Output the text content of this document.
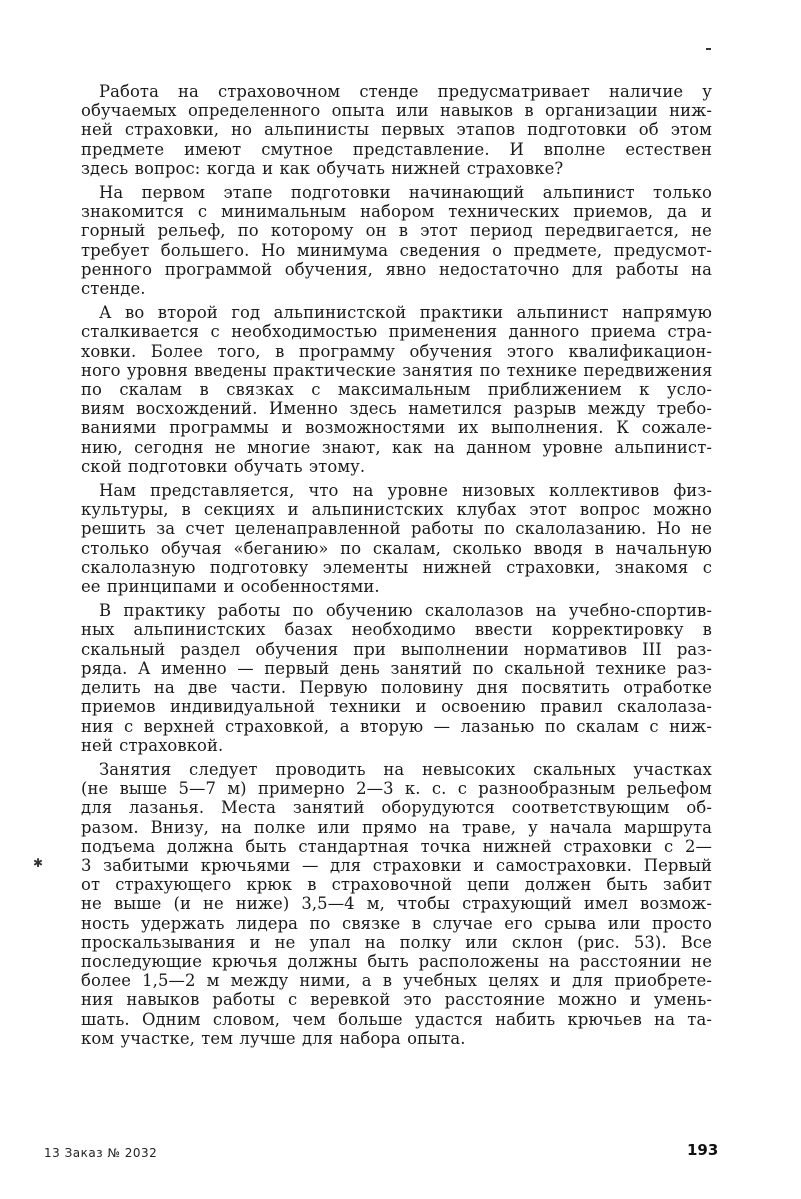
✱

Работа на страховочном стенде предусматривает наличие у
обучаемых определенного опыта или навыков в организации ниж-
ней страховки, но альпинисты первых этапов подготовки об этом
предмете имеют смутное представление. И вполне естествен
здесь вопрос: когда и как обучать нижней страховке?

На первом этапе подготовки начинающий альпинист только
знакомится с минимальным набором технических приемов, да и
горный рельеф, по которому он в этот период передвигается, не
требует большего. Но минимума сведения о предмете, предусмот-
ренного программой обучения, явно недостаточно для работы на
стенде.

А во второй год альпинистской практики альпинист напрямую
сталкивается с необходимостью применения данного приема стра-
ховки. Более того, в программу обучения этого квалификацион-
ного уровня введены практические занятия по технике передвижения
по скалам в связках с максимальным приближением к усло-
виям восхождений. Именно здесь наметился разрыв между требо-
ваниями программы и возможностями их выполнения. К сожале-
нию, сегодня не многие знают, как на данном уровне альпинист-
ской подготовки обучать этому.

Нам представляется, что на уровне низовых коллективов физ-
культуры, в секциях и альпинистских клубах этот вопрос можно
решить за счет целенаправленной работы по скалолазанию. Но не
столько обучая «беганию» по скалам, сколько вводя в начальную
скалолазную подготовку элементы нижней страховки, знакомя с
ее принципами и особенностями.

В практику работы по обучению скалолазов на учебно-спортив-
ных альпинистских базах необходимо ввести корректировку в
скальный раздел обучения при выполнении нормативов III раз-
ряда. А именно — первый день занятий по скальной технике раз-
делить на две части. Первую половину дня посвятить отработке
приемов индивидуальной техники и освоению правил скалолаза-
ния с верхней страховкой, а вторую — лазанью по скалам с ниж-
ней страховкой.

Занятия следует проводить на невысоких скальных участках
(не выше 5—7 м) примерно 2—3 к. с. с разнообразным рельефом
для лазанья. Места занятий оборудуются соответствующим об-
разом. Внизу, на полке или прямо на траве, у начала маршрута
подъема должна быть стандартная точка нижней страховки с 2—
3 забитыми крючьями — для страховки и самостраховки. Первый
от страхующего крюк в страховочной цепи должен быть забит
не выше (и не ниже) 3,5—4 м, чтобы страхующий имел возмож-
ность удержать лидера по связке в случае его срыва или просто
проскальзывания и не упал на полку или склон (рис. 53). Все
последующие крючья должны быть расположены на расстоянии не
более 1,5—2 м между ними, а в учебных целях и для приобрете-
ния навыков работы с веревкой это расстояние можно и умень-
шать. Одним словом, чем больше удастся набить крючьев на та-
ком участке, тем лучше для набора опыта.

13 Заказ № 2032	193
